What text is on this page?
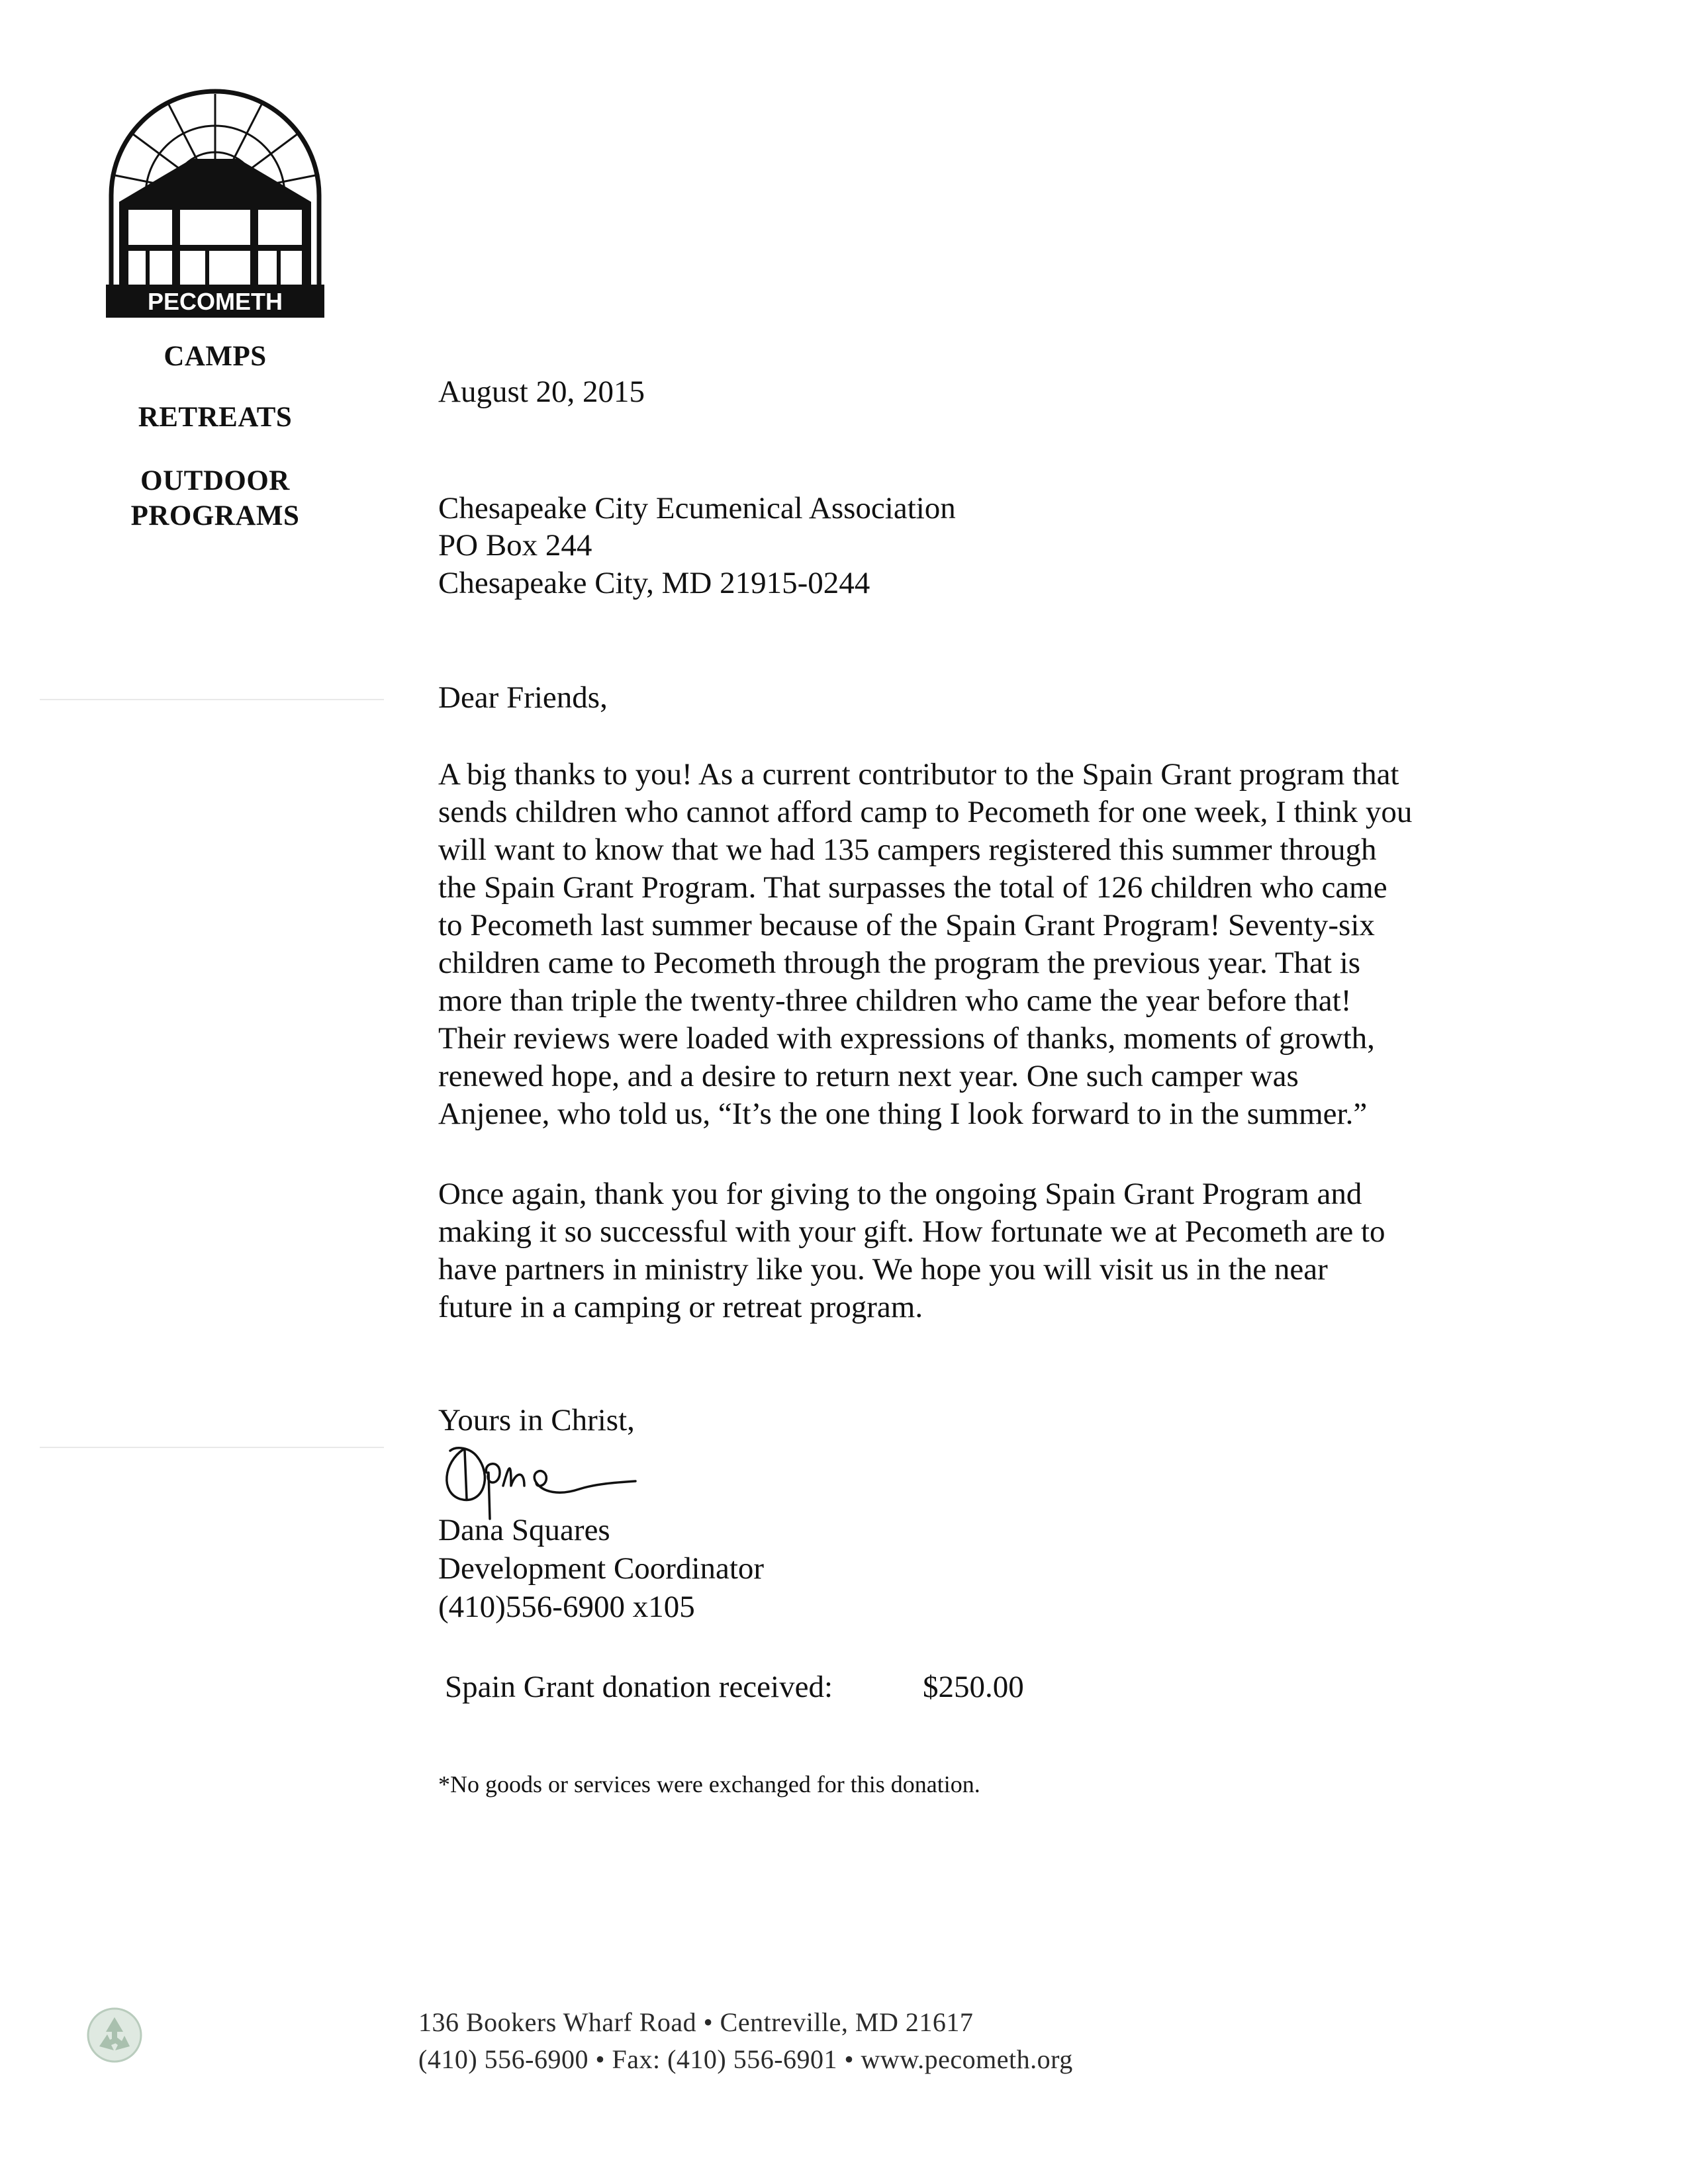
PECOMETH
CAMPS
RETREATS
OUTDOOR
PROGRAMS
August 20, 2015
Chesapeake City Ecumenical Association
PO Box 244
Chesapeake City, MD 21915-0244
Dear Friends,
A big thanks to you! As a current contributor to the Spain Grant program that
sends children who cannot afford camp to Pecometh for one week, I think you
will want to know that we had 135 campers registered this summer through
the Spain Grant Program. That surpasses the total of 126 children who came
to Pecometh last summer because of the Spain Grant Program! Seventy-six
children came to Pecometh through the program the previous year. That is
more than triple the twenty-three children who came the year before that!
Their reviews were loaded with expressions of thanks, moments of growth,
renewed hope, and a desire to return next year. One such camper was
Anjenee, who told us, “It’s the one thing I look forward to in the summer.”
Once again, thank you for giving to the ongoing Spain Grant Program and
making it so successful with your gift. How fortunate we at Pecometh are to
have partners in ministry like you. We hope you will visit us in the near
future in a camping or retreat program.
Yours in Christ,
Dana Squares
Development Coordinator
(410)556-6900 x105
Spain Grant donation received:	$250.00
*No goods or services were exchanged for this donation.
136 Bookers Wharf Road • Centreville, MD 21617
(410) 556-6900 • Fax: (410) 556-6901 • www.pecometh.org
